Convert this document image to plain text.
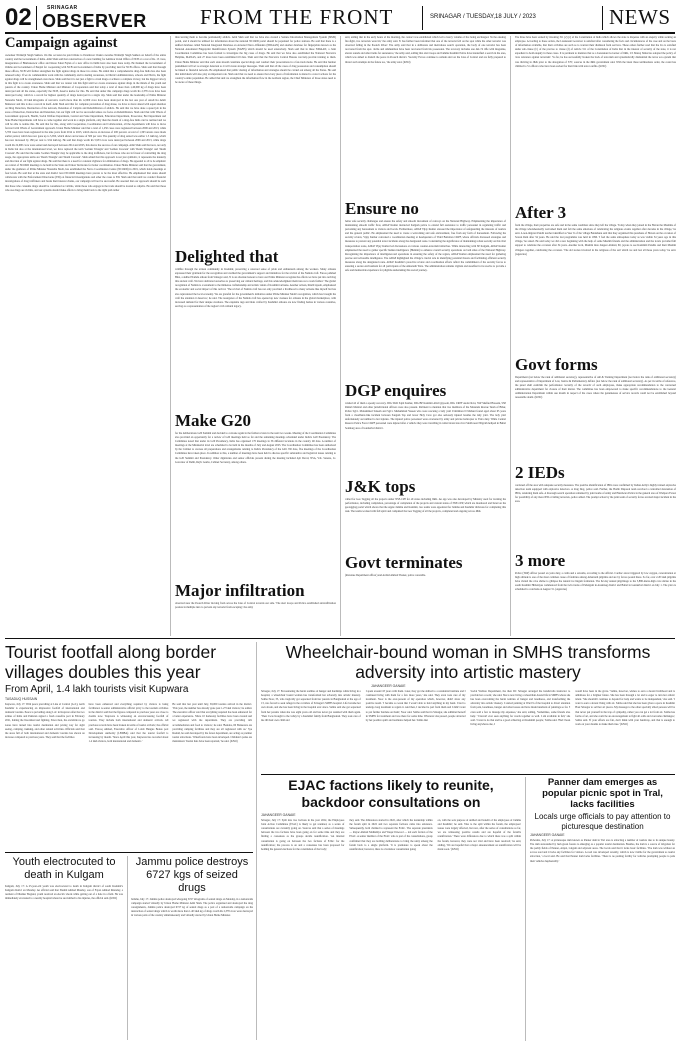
02	SRINAGAR
OBSERVER	FROM THE FRONT	SRINAGAR / TUESDAY,18 JULY / 2023	NEWS
Campaign against
ownedeer Nirmaljit Singh Sekhon. On this occasion he paid tribute to Paramveer Chakra awardee Nirmaljit Singh Sekhon on behalf of the entire country and the Government of India. Amit Shah said that construction of a new building for Amritsar Zonal Office of NCB at a cost of Rs. 15 crore, inauguration of Bhubaneswar office and Kisan Sahai Fajlan of a new office in Delhi have also been done today. He thanked the Government of Odisha and Government of Punjab for cooperating with NCB and Government of India by providing land for NCB offices. Shah said that through these offices, NCB will further strengthen the fight against drugs in these two states. He added that a comprehensive drug-free India has also been released today. If we do commendable work with the community and in dealing awareness, in District Administration, schools and NGOs, the fight against drugs will be strengthened even more. Shah said that it is not just a fight to crush drugs or achieve a complete victory, but the biggest victory in this fight is to create awareness. Shah said that we cannot win this fight until we create awareness against drugs in the minds of the youth and parents of the country. Union Home Minister and Minister of Cooperation said that today a total of more than 1,40,000 kg of drugs have been destroyed and all the states, especially the NCB, deserve kudos for this. He said that under this campaign drugs worth Rs 2,378 crore have been destroyed today, which is a record for highest quantity of drugs destroyed in a single day. Shah said that under the leadership of Prime Minister Narendra Modi, 10 lakh kilograms of narcotics worth more than Rs 12,000 crore have been destroyed in the last one year of Azadi Ka Amrit Mahotsav and this is also a record in itself. Amit Shah said that for complete prevention of drug abuse, we have to move ahead with equal attention on Drug Detection, Destruction of the network, Detention of Culprits and Rehabilitation of addicts. He said that we have done a speed job in the areas of Detection, Destruction and Detention, but our fight will not be successful unless we focus on Rehabilitation. Shah said that with Whole of Government approach, Health, Social Welfare Department, Central and State Department, Education Department, Prosecutor, Bar Department and State Home Departments will have to come together and work in a single platform, only then the dream of a drug-free India can be realized and we will be able to realize this. He said that for this, along with Cooperation, Coordination and Collaboration, all the departments will have to move forward with Whole of Government approach. Union Home Minister said that a total of 1,250 cases were registered between 2006 and 2013, while 5,700 cases have been registered in the nine years from 2014 to 2023, which shows an increase of 200 percent. A total of 1,363 arrests were made earlier period, which has now gone up to 5,650, which shows an increase of 300 per cent. The quantity of drug seized was earlier 1.5 lakh kg, which has now increased by 180 per cent to 3.94 lakh kg. He said that drugs worth Rs 5,933 crore were destroyed between 2006 and 2013, while drugs worth Rs 22,000 crore were seized and destroyed between 2014 and 2023, this shows the success of our campaign. Amit Shah said that now, not only in India but also at the international level, we have replaced the term 'Golden Triangle' and 'Golden Crescent' with 'Death Triangle' and 'Death Crescent'. He said that the name 'Golden Triangle' may be applicable to the drug traffickers, but for those who are in favour of controlling the drug usage, the appropriate terms are 'Death Triangle' and 'Death Crescent'. Shah added that this approach is not just symbolic, it represents the intensity and direction of our fight against drugs. He said that there is a need for constant vigilance for elimination of drugs. He appealed to all to be emphatic on control of NCORD meetings to be held in the State and Union Territories for better coordination. Union Home Minister said that the government, under the guidance of Prime Minister Narendra Modi, has established the Narco Coordination Centre (NCORD) in 2019, which holds meetings at four levels. He said that at the state and district level NCORD meetings have proven to be the most effective. He emphasized that states should collaborate with the Enforcement Directorate (ED) on financial investigations and other the cases to ED. Shah said that until we conduct financial investigations of drug traffickers and break their interest chains, our campaign will not be successful. He asserted that our approach should be such that those who consume drugs should be considered as victims, while those who engage in the trade should be treated as culprits. He said that those who use drugs are victims, and our systems should make efforts to bring them back to the right path rather
than leaving them to become permanently addicts. Amit Shah said that we have also created a Seizure Information Management System (SIMS) portal, and it should be utilized for information about the national NCORD portal should be populated for police stations. He said that there is a unified database called National Integrated Database on Arrested Narco-Offenders (NIDAAN) and another database for fingerprints known as the National Automated Fingerprint Identification System (NAFIS) which should be used extensively. Shah said that in these NIDAAN, a Joint Coordination Committee has been formed to investigate the big cases of drugs. He said that we have also established the National Narcotics Helpline, MANAS, and 27 more have been established till date. Shah said that the Narcotics Control Bureau can help provide training to them. Union Home Minister said that each state should constitute special drugs and conduct their prosecutions in a fast-track mode. He said that harsher punishment will act as stronger deterrent as it will create stronger messages. Shah said that all the cases of drug possession and consumption should be linked to financial network. He emphasized that public sharing of information and strategies should be carried out among all the States. He said that individuals will also play an important role. Shah said that we need to ensure that every piece of information is shared to correct actions for the country's entire population. He added that unit we strengthen the information flow in the northern region, the Chief Ministers of those states need to be aware of these things.
Delighted that
wildfire through the artisan community in Kashmir, preserving a renewed sense of pride and enthusiasm among the workers. Many artisans expressed their gratitude for the recognition and credited the government's support and initiatives for the revival of the Namda craft. Farooq Ahmad Bhat, a skilled Namda artisan from Srinagar said, 'It is an absolute honour to have our Prime Minister recognize the efforts we have put into reviving this ancient craft. We have dedicated ourselves to preserving our cultural heritage, and this acknowledgment motivates us to work further.' The global recognition of Namda is a testament to the immense craftsmanship and artistic talent of Kashmiri artisans. Another artisan, Khalil Ayoub, emphasized the economic and social impact of this revival. 'The revival of Namda craft has not only provided a livelihood to many artisans like myself but has also rejuvenated the local economy. We are grateful for the government's initiatives under Prime Minister Modi's recognition, which has brought the craft the attention it deserves,' he said. The resurgence of the Namda craft has opened up new avenues for artisans in the global marketplace, with increased demand for their unique creations. The exquisite rugs and mats crafted by Kashmiri artisans are now finding homes in various countries, serving as a representation of the region's rich cultural legacy.
Make G20
for the deliberations G20 Summit and decided to convene again in the further review in the next two weeks. Meeting of the Coordination Committee also provided an opportunity for a review of G20 meetings held so far and the remaining meetings scheduled under India's G20 Presidency. The Committee noted that under its G20 Presidency, India has organised 170 meetings in 56 different locations in the country till date. A number of meetings at the Ministerial level are scheduled to be held in the months of July and August 2023. The Coordination Committee has been authorized by the Cabinet to oversee all preparations and arrangements relating to India's Presidency of the G20. Till date, five meetings of the Coordination Committee have taken place. In addition to this, a number of meetings have been held to discuss specific substantive and logistical issues relating to the G20 Summit and Presidency. Other dignitaries and senior officials present during the meeting included Ajit Doval, NSA, V.K. Saxena, Lt. Governor of Delhi, Rajiv Gauba, Cabinet Secretary, among others.
Major infiltration
observed near the Poonch River moving from across the Line of Control towards our side. 'The alert troops and Police established anti-infiltration posture in multiple tiers to prevent any terrorist from escaping,' the army
said, adding that in the early hours of the morning, the contact was established which led to heavy volume of fire being exchanged. 'In the ensuing fire-fight, two terrorists were hit,' the army said. 'It has further been informed that one of the terrorist fell on the spot while the other terrorist was observed falling in the Poonch River.' The army said that in a deliberate and meticulous search operation, the body of one terrorist has been recovered from the spot. 'Arms and ammunition have been recovered from his possession. The recovery includes one AK-74 rifle with magazine, eleven rounds and other items for sustenance,' the army said, adding that alert troops and Jammu Kashmir Police have intensified a search in the area, which was aimed to disturb the peace in Poonch district. 'Security Forces continue to remain alert on the Line of Control and are fully prepared to thwart such attempts in the future too,' the army said. (KNO)
Ensure no
better safe security challenges and ensure the safety and smooth movement of convoys on the National Highway. Emphasizing the importance of maintaining smooth traffic flow, ADGP Kumar instructed Kalgam police to extend full assistance to traffic personnel in regulating traffic and preventing any harassment to visitors and locals. Furthermore, ADGP Vijay Kumar stressed the importance of safeguarding the interests of tourists and the general public. He emphasized the need to create a welcoming and safe environment, free from any form of harassment. Following the security review, Vijay Kumar convened a coordination meeting at headquarters of Third Battalion CRPF, where officials discussed strategies and measures to prevent any potential terror incidents along the designated route. Considering the significance of maintaining robust security on this vital transportation route, ADGP Vijay Kumar led discussions on various counter-terrorism initiatives. While interacting with SP Kalgam, ADGP Kumar emphasized the need to gather specific human intelligence (Humint) to enhance overall security operations on both sides of the National Highway. Recognizing the importance of intelligence-led operations in ensuring the safety of the region, ADGP Kumar emphasized the need for gathering precise and actionable intelligence. The ADGP highlighted the village's crucial role in identifying potential threats and facilitating efficient security measures along the designated route. ADGP Kashmir's proactive review and coordination efforts reflect the commitment of the security forces to ensuring a secure environment for all participants of the Amarnath Yatra. The administration remains vigilant and steadfast in its resolve to provide a safe and memorable experience for pilgrims undertaking this sacred journey.
DGP enquires
wished all of them a speedy recovery. DIG SKR Sajid Kumar, DIG BP Kashmir Abid Qayoom, DIG CRPF Aadar Ravi, SSP Shafiud Hussain, SSP Rishab Mantral and other jurisdictional officers were also present. Pertinent to mention that two members of the Mazanda Rescue Team of Bihar, Police SgCt. Mohammed Saleem and SgCt. Muhammad Yaseen who were rescuing a lady yatri Urmilaben D Mahant found aged about 65 years from a cloudburst-like incident between Sangam Top and lower Holy Cave got also seriously injured besides the lady yatri. The lady yatri unfortunately succumbed to her injuries. The injured police personnel were evacuated by army and private helicopter to Yatra duty. While Central Reserve Police Force CRPF personnel were injured after a vehicle they were travelling in rolled down into river Sindh near Nilgrath helipad in Baltal Sonmarg area of Ganderbal district.
J&K tops
called for Geo Tagging all the projects under NSE-CPP for all states including J&K. An app was also developed by Ministry used for tracking the performance, including completion, percentage of completion of the projects and current status of NSE-CPP, which are monitored and listed on the geotagging portal which shows that the Apple Jammu and Kashmir, two teams were appointed for Jammu and Kashmir divisions for completing this task. The teams worked with full spirit and completed the Geo Tagging of all the projects, completed and ongoing across J&K.
Govt terminates
(Revenue Department officer) and Arshid Ahmad Thoker, police constable.
The three have been sacked by invoking 311 (2) (c) of the Constitution of India which allows the state to dispense with an enquiry while sacking an employee. According to these orders, the Lieutenant Governor is satisfied after considering the facts and circumstances of the case and on the basis of information available, that their activities are such as to warrant their dismissal from services. These orders further read that the LG is satisfied under sub-clause (C) of the proviso to clause (2) of Article 311 of the Constitution of India that in the interest of security of the state, it is not expedient to hold enquiry in these cases. It is pertinent to mention that as a Lieutenant Governor of J&K, LT. Manoj Sinha has adopted the policy of 'zero tolerance against terrorism'. 'So far, he has successfully broken the back of terrorism and systematically dismantled the terror eco-system that was thriving in J&K prior to the abrogation of 370,' sources in the J&K government said. With the latest three terminations order, the count has climbed to 51 officers who have been sacked for their link with terror outfits. (KNO)
After 3
from the village, their properties are safe and in the same condition since they left the village. 'Today when they joined in the Havan the Muslims of the village wholeheartedly welcomed them and felt the same emotions of celebrating the religious events together after decades in the village,' he said. A non-migrant Pandit teacher identified as Veer Ji of the village Batakhanu said that they organized this purohans of Hawan on the occasion of Sawan Ram after 34 years. He said the last programme was held in 1990. 'I feel the same atmosphere today as was visible 34 years ago in this village,' he stated. He said today we did a new beginning with the help of some Muslim friends and the administration and the locals provided full support to celebrate the occasion after 34 years. Another local, Muslim man Jangeer Ahmad, 60, joyous to see Kashmiri Pandits and their Muslim villagers together, celebrating the occasion. 'The old stories involved in the religious of the soil which we and lost all these years today,' he said. (Agencies)
Govt forms
Department (not below the rank of additional secretary), representative of AR & Training Department (not below the rank of additional secretary) and representative of Department of Law, Justice & Parliamentary Affairs (not below the rank of additional secretary). As per its terms of reference, the panel shall establish the performance 'security of the records' of such employees, make appropriate recommendation to the concerned administrative department for closure of their matter. The committee has been empowered to make specific recommendations to the General Administration Department within one month in respect of the cases where the genuineness of service records could not be established beyond reasonable doubt. (KNO)
2 IEDs
cordoned off the area with adequate security measures. The positive identification of IEDs were confirmed by Indian Army's highly trained explosive detection team equipped with explosive detectors. A drug Dog, police said. Further, the Bomb Disposal team received a controlled detonation of IEDs, rendering them safe. A thorough search operation remained by joint teams of Army and Handwara Police in the general area of Wadpora Forest for possibility of any more IED or hiding terrorists, police added. The prompt action by the joint team of security forces averted major incident in the area.
3 more
Police (TRP) officer posted on yatra duty, a cadin and a suvaidu, according to the official. Cardiac arrest triggered by low oxygen, concentration at high altitude is one of the most common cause of fatalities among Amarnath pilgrims and are by forces posted there. So far, over 2.20 lakh pilgrims have visited the cave shrine to glimpse the natural ice lingam formation. The 62-day annual pilgrimage to the 3,880-metre-high cave shrine in the south Kashmir Himalayas commenced from the twin tracks of Pahalgam in Anantnag district and Baltal in Ganderbal district on July 1. The yatra is scheduled to conclude on August 31. (Agencies)
Tourist footfall along border villages doubles this year
From April, 1.4 lakh tourists visit Kupwara
TASADUQ HUSSAIN
Kupwara, July 17: With peace prevailing at Line of Control (LoC), north Kashmir is experiencing an impressive footfall of international and domestic tourists. Peace is prevailing along LoC in Kupwara after the two armies of India and Pakistan signed a fresh ceasefire pact in February 2021, halting the bloodshed and fighting. Since then, the erstwhile no go zones have turned into tourist destination and paving way for sight seeing, camping, trekking, and other related activities. Officials said that the areas full of both international and domestic tourists has shown an increase compared to previous years. They said that the facilities
have been enhanced and everything required by visitors is being facilitated. A senior administrative official privy to the tourism activities in the district said that the figures compared to previous years are close to double now. 'Kupwara is witnessing an ever-increasing footfall of tourists. They include both international and domestic arrivals. All previous records have been broken in terms of tourist arrivals,' the official said. Farooq Ahmad, Executive officer of Lolab Bungus Bonus port Development Authority (LBDBA) said that the tourist footfall is increasing by month. 'Since April this year, Kupwara has recorded about 1.4 lakh visitors, both international and domestic.'
He said that last year until July, 63,000 tourists arrived in the district. 'This year, the number has already gone past 1.27 lakh visitors,' he added. The executive officer said that everything required has been enhanced for a better experience. 'More 10 homestay facilities have been created and we registered with the department. They are providing rich accommodation and food to visitors,' he said. 'Besides, 60 Bannerers are providing camping facilities and they are all registered with us.' Sye Rashid, he said developed by the forest department, are acting as premier tourist attractions. 'Waterfronts have been developed. Children's parks are maintained. Tourist huts have been repaired,' he said. (KNO)
Wheelchair-bound woman in SMHS transforms adversity into artistic mastery
JAHANGEER GANAIE
Srinagar, July 17: Encountering the harsh realities of hunger and hardships while living in a hospital, a wheelchair bound woman has transformed her adversity into artistic mastery. Salma Noor, 35, who tragically got separated from her parents in Bangladesh at the age of 13, was forced to seek refuge in the corridors of Srinagar's SMHS hospital. Life became her own abode, and she has been living in the hospital ever since. Salma said she got separated from her parents when she was eight years old and has never got reunited with them again. 'Then I was brought to the valley by a Kashmiri family from Bangladesh. They took care of me till their own child and
I spent around 18 years with them. Later, they got me shifted to a residential institute and I continued living with them for a few more years,' she said. They even took care of my treatment. Noor is the ever-present of my operation which, however, didn't show any positive result. 'I became so weak that I wasn't able to hold anything in my hand. I had to undergo long treatment to regain it. And then, I decided to part from them and I didn't want to put further burdens on them,' Noor said. Salma said that in Srinagar, she admitted herself in SMHS for treatment and was there for some time. Wherever she passed, people attracted by her positive spirit and resilience helped her. Salma met
Social Welfare Department, the then DC Srinagar arranged the handicrafts instructor to provide her a room,' she said. She is now living a wheelchair-bound life in SMHS where she has been overcoming the harsh realities of hunger and loneliness, and transforming the adversity into artistic mastery. I started painting at Ward 9 of the hospital to divert attention from pain, loneliness, hunger and other issues and have made hundreds of paintings so far. 'I even sold a few to manage my expenses,' she said, adding, 'Sometimes, some friends also help.' 'I haven't ever seen anything for words together as well. I am available in full,' she said. 'I want to do that and be a good achieving art Kashmiri people,' Salma said. 'Had I been living anywhere else, I
would have been in the grave.' Salma, however, wishes to earn a decent livelihood and is ambitious for a brighter future. She has been through a lot and is eager to turn her artistic talent. 'She shouldn't continue to depend for help and wants to be independent,' she said. 'I want to earn a decent living with art. Salma said that she has been given a space in Kashmir Haat Srinagar to sell her art pieces. My message to the other specially abled persons will be that never put yourself in the trap of sympathy, rather you can get a lot from art. Salma has forms of art, and she could be an encouragement to fight all odds and overcome challenges,' Salma said. 'If your efforts are fair, don't think with your handicap, and that is enough to work on your dreams to make them true.' (KNO)
EJAC factions likely to reunite, backdoor consultations on
JAHANGEER GANAIE
Srinagar, July 17: Split into two factions in the year 2022, the Employees Joint Action Committee (EJAC) is likely to get reunited, as a series of consultations are currently going on. Sources said that a series of meetings between the two factions have been going on for some time and they are finding a consensus as the groups decide reunification. 'An internal consultation is going on between the two factions of EJAC for the reunification; the process is on and a consensus has been proposed for holding the general elections for the constitution of the body,'
they said. The differences started in 2022, after which the leadership within the forum split in 2022 and two separate factions came into existence. Subsequently, both claimed to represent the EJAC. The separate presidents — Rayaz Ahmad Malikmiya and Waqar Dawood — led each faction of the EJAC. A senior member of the EJAC who is part of the consultations, group confirmed that they are holding deliberations to bring the unity among the forum back to a single platform. 'It is premature to speak about the reunification; however, there is a backdoor consultation going
on, with the sole purpose of unified and benefit of the employees of Jammu and Kashmir,' he said. 'Due to the split within the forum, the employees' issues were largely affected, but now, after the series of consultations so far, we are witnessing positive results and are hopeful of the forum's reunification.' There were differences due to which there was a split within the forum, however, they were not vital and have been resolved,' he said, adding, 'We are hopeful that a major announcement on reunification will be made soon.' (KNO)
Panner dam emerges as popular picnic spot in Tral, lacks facilities
Locals urge officials to pay attention to picturesque destination
JAHANGEER GANAIE
Pulwama, July 17: A picturesque dam known as Panner dam in Tral area is attracting a number of tourists due to its unique beauty. The dam surrounded by lush green forests is emerging as a popular tourist destination. Besides, the dam is a source of irrigation for the paddy fields of Panner, Aripal, Lalgam and adjacent areas. The locals said that it lacks basic facilities. 'The dam was without an access road and it lacks any facilities for visitors. A road was developed recently, which is now visible for the government as tourist attraction,' a local said. He said that Panner dam lacks facilities. 'There is no parking facility for vehicles prompting people to park their vehicles haphazardly.'
Youth electrocuted to death in Kulgam
Kulgam, July 17: A 25-year-old youth was electrocuted to death in Kulgam district of south Kashmir's Kulgam district on Monday. An official said that Shahid Ahmad Manday, son of Fayaz Ahmad Khanday, a resident of Dhamer Bogund, youth received an electric shock while getting out of a hole in a field. He was immediately evacuated to a nearby hospital where he succumbed to his injuries, the official said. (KNO)
Jammu police destroys 6727 kgs of seized drugs
Jammu, July 17: Jammu police destroyed whopping 6727 kilograms of seized drugs on Monday, in a nationwide campaign started virtually by Union Home Minister Amit Shah. The police organized and destroyed the drug consignments, Jammu police destroyed 6727 kg of seized drugs as a part of a nationwide campaign on the destruction of seized drugs which is worth more than 1.40 lakh kg of drugs worth Rs 2,378 crore were destroyed in various parts of the country simultaneously and virtually started by Union Home Minister.
